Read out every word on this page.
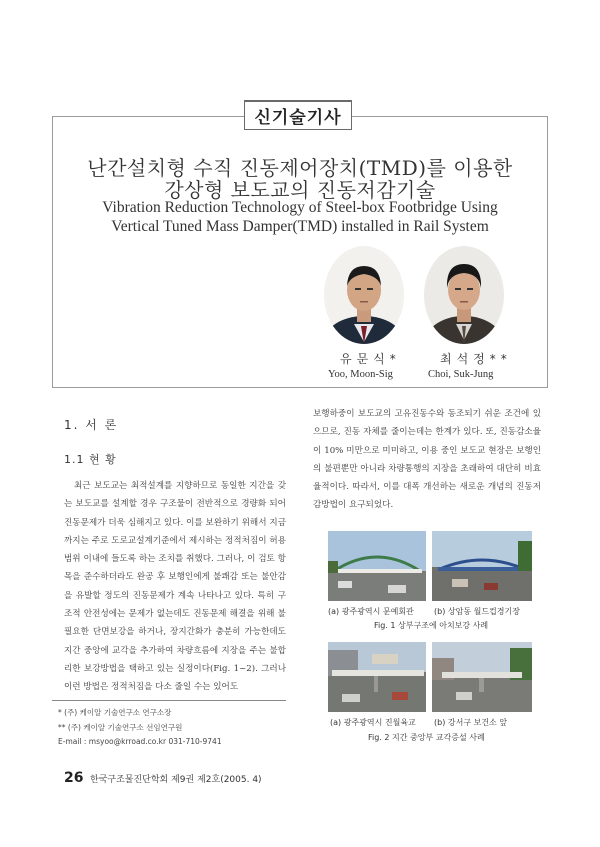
신기술기사
난간설치형 수직 진동제어장치(TMD)를 이용한
강상형 보도교의 진동저감기술
Vibration Reduction Technology of Steel-box Footbridge Using
Vertical Tuned Mass Damper(TMD) installed in Rail System
유문식*	최석정**
Yoo, Moon-Sig	Choi, Suk-Jung
1. 서 론
1.1 현 황
최근 보도교는 최적설계를 지향하므로 동일한 지간을 갖는 보도교를 설계할 경우 구조물이 전반적으로 경량화 되어 진동문제가 더욱 심해지고 있다. 이를 보완하기 위해서 지금까지는 주로 도로교설계기준에서 제시하는 정적처짐이 허용범위 이내에 들도록 하는 조치를 취했다. 그러나, 이 검토 항목을 준수하더라도 완공 후 보행인에게 불쾌감 또는 불안감을 유발할 정도의 진동문제가 계속 나타나고 있다. 특히 구조적 안전성에는 문제가 없는데도 진동문제 해결을 위해 불필요한 단면보강을 하거나, 장지간화가 충분히 가능한데도 지간 중앙에 교각을 추가하여 차량흐름에 지장을 주는 불합리한 보강방법을 택하고 있는 실정이다(Fig. 1~2). 그러나 이런 방법은 정적처짐을 다소 줄일 수는 있어도
보행하중이 보도교의 고유진동수와 동조되기 쉬운 조건에 있으므로, 진동 자체를 줄이는데는 한계가 있다. 또, 진동감소율이 10% 미만으로 미미하고, 이용 중인 보도교 현장은 보행인의 불편뿐만 아니라 차량통행의 지장을 초래하여 대단히 비효율적이다. 따라서, 이를 대폭 개선하는 새로운 개념의 진동저감방법이 요구되었다.
* (주) 케이알 기술연구소 연구소장
** (주) 케이알 기술연구소 선임연구원
E-mail : msyoo@krroad.co.kr 031-710-9741
(a) 광주광역시 문예회관	(b) 상암동 월드컵경기장
Fig. 1 상부구조에 아치보강 사례
(a) 광주광역시 진월육교 (b) 강서구 보건소 앞
Fig. 2 지간 중앙부 교각증설 사례
26 한국구조물진단학회 제9권 제2호(2005. 4)
